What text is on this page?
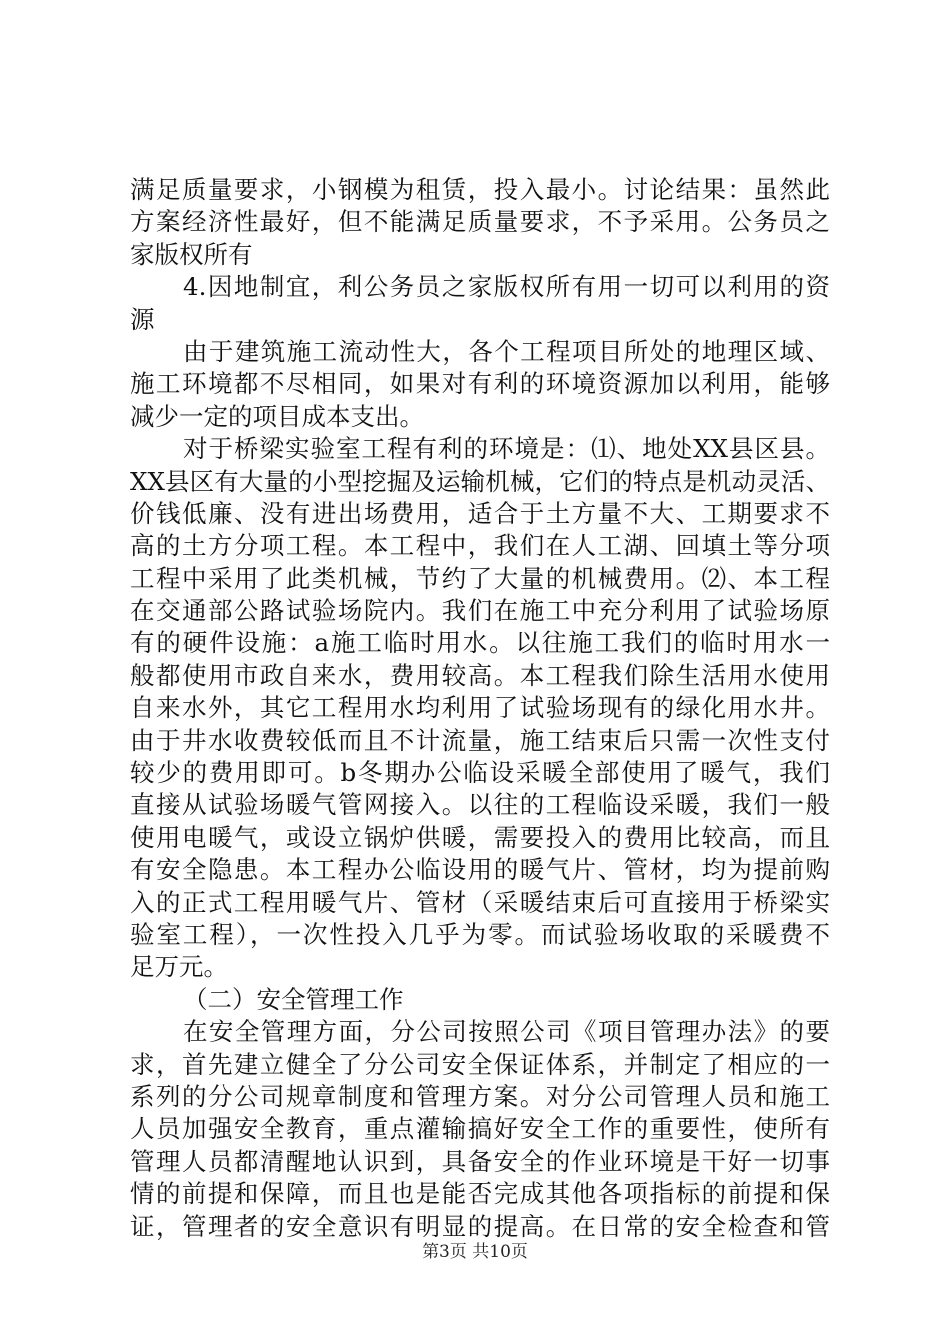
满足质量要求，小钢模为租赁，投入最小。讨论结果：虽然此
方案经济性最好，但不能满足质量要求，不予采用。公务员之
家版权所有
4.因地制宜，利公务员之家版权所有用一切可以利用的资
源
由于建筑施工流动性大，各个工程项目所处的地理区域、
施工环境都不尽相同，如果对有利的环境资源加以利用，能够
减少一定的项目成本支出。
对于桥梁实验室工程有利的环境是：⑴、地处XX县区县。
XX县区有大量的小型挖掘及运输机械，它们的特点是机动灵活、
价钱低廉、没有进出场费用，适合于土方量不大、工期要求不
高的土方分项工程。本工程中，我们在人工湖、回填土等分项
工程中采用了此类机械，节约了大量的机械费用。⑵、本工程
在交通部公路试验场院内。我们在施工中充分利用了试验场原
有的硬件设施：a施工临时用水。以往施工我们的临时用水一
般都使用市政自来水，费用较高。本工程我们除生活用水使用
自来水外，其它工程用水均利用了试验场现有的绿化用水井。
由于井水收费较低而且不计流量，施工结束后只需一次性支付
较少的费用即可。b冬期办公临设采暖全部使用了暖气，我们
直接从试验场暖气管网接入。以往的工程临设采暖，我们一般
使用电暖气，或设立锅炉供暖，需要投入的费用比较高，而且
有安全隐患。本工程办公临设用的暖气片、管材，均为提前购
入的正式工程用暖气片、管材（采暖结束后可直接用于桥梁实
验室工程），一次性投入几乎为零。而试验场收取的采暖费不
足万元。
（二）安全管理工作
在安全管理方面，分公司按照公司《项目管理办法》的要
求，首先建立健全了分公司安全保证体系，并制定了相应的一
系列的分公司规章制度和管理方案。对分公司管理人员和施工
人员加强安全教育，重点灌输搞好安全工作的重要性，使所有
管理人员都清醒地认识到，具备安全的作业环境是干好一切事
情的前提和保障，而且也是能否完成其他各项指标的前提和保
证，管理者的安全意识有明显的提高。在日常的安全检查和管
第3页 共10页
